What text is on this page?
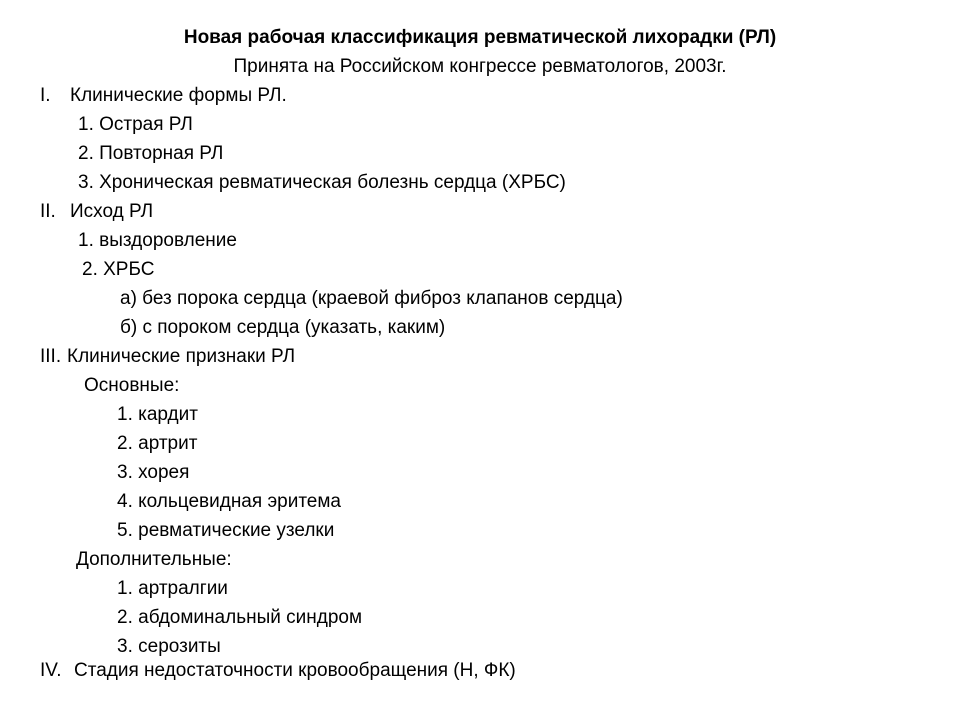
Новая рабочая классификация ревматической лихорадки (РЛ)
Принята на Российском конгрессе ревматологов, 2003г.
I. Клинические формы РЛ.
1. Острая РЛ
2. Повторная РЛ
3. Хроническая ревматическая болезнь сердца (ХРБС)
II. Исход РЛ
1. выздоровление
2. ХРБС
а) без порока сердца (краевой фиброз клапанов сердца)
б) с пороком сердца (указать, каким)
III. Клинические признаки РЛ
Основные:
1. кардит
2. артрит
3. хорея
4. кольцевидная эритема
5. ревматические узелки
Дополнительные:
1. артралгии
2. абдоминальный синдром
3. серозиты
IV. Стадия недостаточности кровообращения (Н, ФК)
